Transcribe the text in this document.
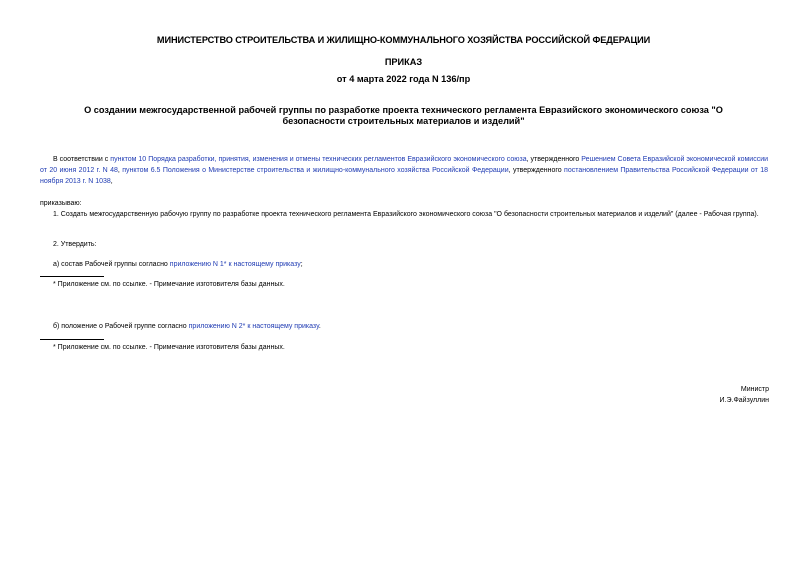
МИНИСТЕРСТВО СТРОИТЕЛЬСТВА И ЖИЛИЩНО-КОММУНАЛЬНОГО ХОЗЯЙСТВА РОССИЙСКОЙ ФЕДЕРАЦИИ
ПРИКАЗ
от 4 марта 2022 года N 136/пр
О создании межгосударственной рабочей группы по разработке проекта технического регламента Евразийского экономического союза "О безопасности строительных материалов и изделий"
В соответствии с пунктом 10 Порядка разработки, принятия, изменения и отмены технических регламентов Евразийского экономического союза, утвержденного Решением Совета Евразийской экономической комиссии от 20 июня 2012 г. N 48, пунктом 6.5 Положения о Министерстве строительства и жилищно-коммунального хозяйства Российской Федерации, утвержденного постановлением Правительства Российской Федерации от 18 ноября 2013 г. N 1038,
приказываю:
1. Создать межгосударственную рабочую группу по разработке проекта технического регламента Евразийского экономического союза "О безопасности строительных материалов и изделий" (далее - Рабочая группа).
2. Утвердить:
а) состав Рабочей группы согласно приложению N 1* к настоящему приказу;
* Приложение см. по ссылке. - Примечание изготовителя базы данных.
б) положение о Рабочей группе согласно приложению N 2* к настоящему приказу.
* Приложение см. по ссылке. - Примечание изготовителя базы данных.
Министр
И.Э.Файзуллин
